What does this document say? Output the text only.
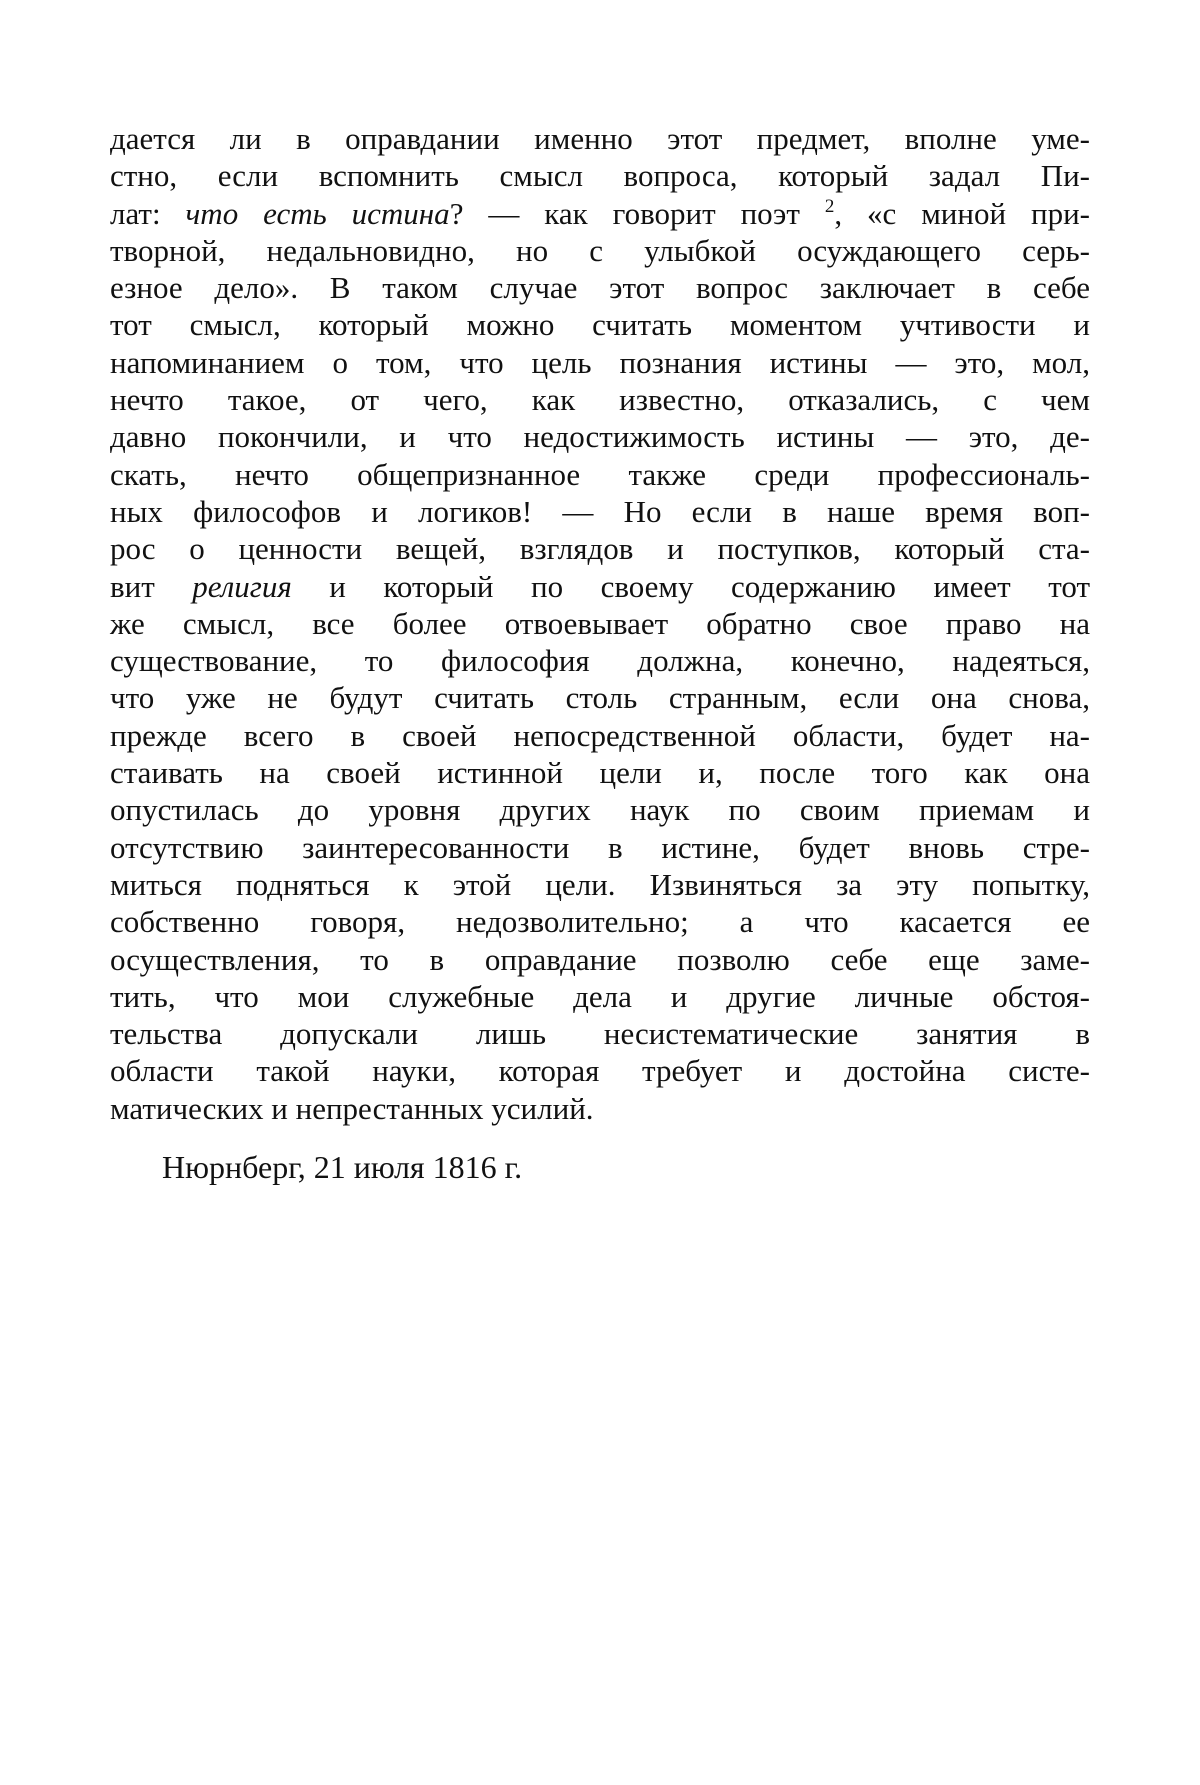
дается ли в оправдании именно этот предмет, вполне уме-
стно, если вспомнить смысл вопроса, который задал Пи-
лат: что есть истина? — как говорит поэт $^2$, «с миной при-
творной, недальновидно, но с улыбкой осуждающего серь-
езное дело». В таком случае этот вопрос заключает в себе
тот смысл, который можно считать моментом учтивости и
напоминанием о том, что цель познания истины — это, мол,
нечто такое, от чего, как известно, отказались, с чем
давно покончили, и что недостижимость истины — это, де-
скать, нечто общепризнанное также среди профессиональ-
ных философов и логиков! — Но если в наше время воп-
рос о ценности вещей, взглядов и поступков, который ста-
вит религия и который по своему содержанию имеет тот
же смысл, все более отвоевывает обратно свое право на
существование, то философия должна, конечно, надеяться,
что уже не будут считать столь странным, если она снова,
прежде всего в своей непосредственной области, будет на-
стаивать на своей истинной цели и, после того как она
опустилась до уровня других наук по своим приемам и
отсутствию заинтересованности в истине, будет вновь стре-
миться подняться к этой цели. Извиняться за эту попытку,
собственно говоря, недозволительно; а что касается ее
осуществления, то в оправдание позволю себе еще заме-
тить, что мои служебные дела и другие личные обстоя-
тельства допускали лишь несистематические занятия в
области такой науки, которая требует и достойна систе-
матических и непрестанных усилий.
Нюрнберг, 21 июля 1816 г.
